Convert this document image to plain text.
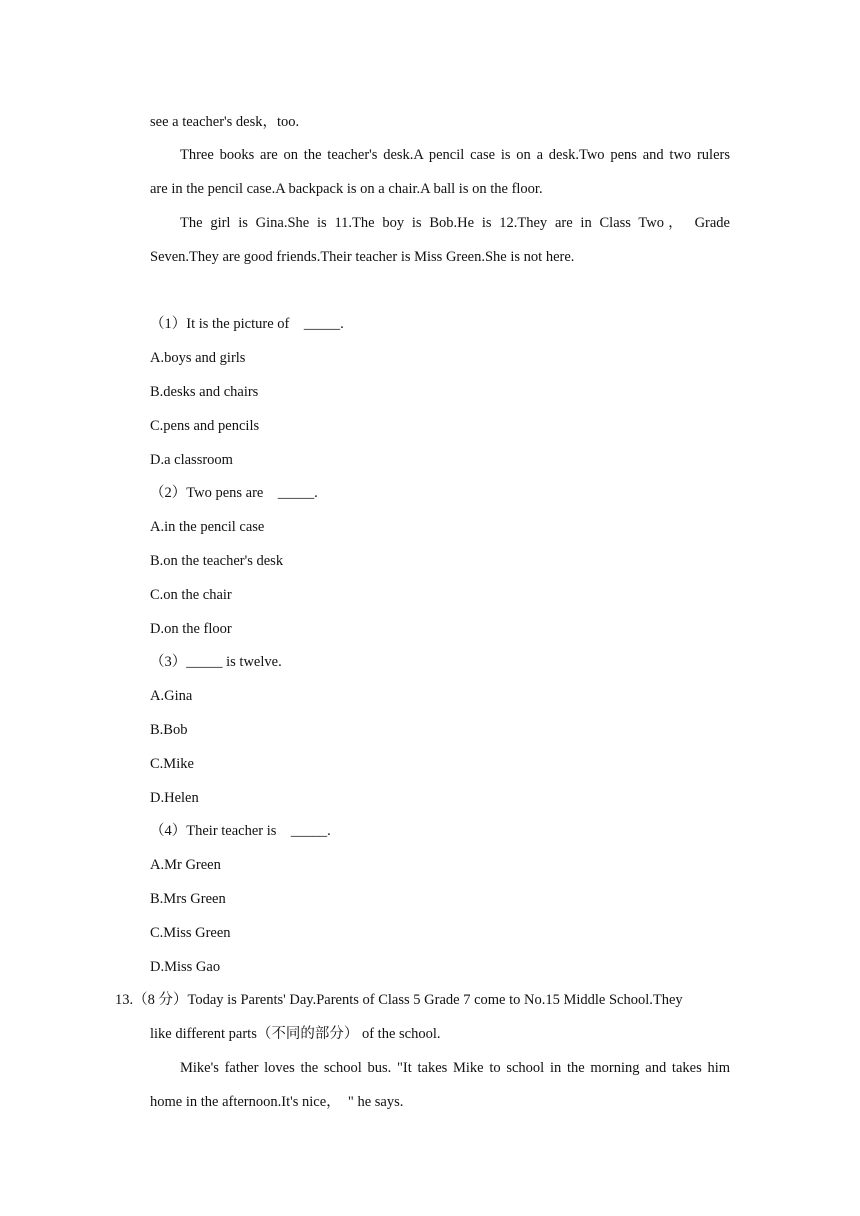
see a teacher's desk，too.
Three books are on the teacher's desk.A pencil case is on a desk.Two pens and two rulers
are in the pencil case.A backpack is on a chair.A ball is on the floor.
The girl is Gina.She is 11.The boy is Bob.He is 12.They are in Class Two， Grade
Seven.They are good friends.Their teacher is Miss Green.She is not here.
（1）It is the picture of　_____.
A.boys and girls
B.desks and chairs
C.pens and pencils
D.a classroom
（2）Two pens are　_____.
A.in the pencil case
B.on the teacher's desk
C.on the chair
D.on the floor
（3）_____ is twelve.
A.Gina
B.Bob
C.Mike
D.Helen
（4）Their teacher is　_____.
A.Mr Green
B.Mrs Green
C.Miss Green
D.Miss Gao
13.（8 分）Today is Parents' Day.Parents of Class 5 Grade 7 come to No.15 Middle School.They
like different parts（不同的部分） of the school.
Mike's father loves the school bus. "It takes Mike to school in the morning and takes him
home in the afternoon.It's nice，　" he says.
